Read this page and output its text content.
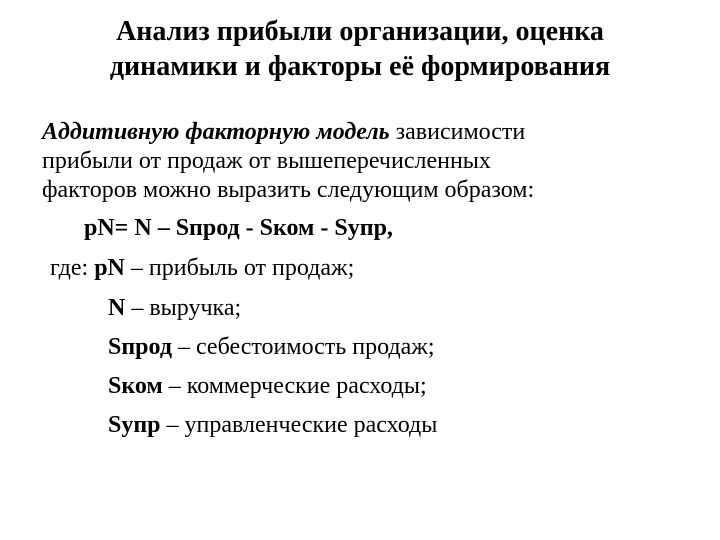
Анализ прибыли организации, оценка
динамики и факторы её формирования
Аддитивную факторную модель зависимости
прибыли от продаж от вышеперечисленных
факторов можно выразить следующим образом:
pN= N – Sпрод - Sком - Sупр,
где: pN – прибыль от продаж;
N – выручка;
Sпрод – себестоимость продаж;
Sком – коммерческие расходы;
Sупр – управленческие расходы
